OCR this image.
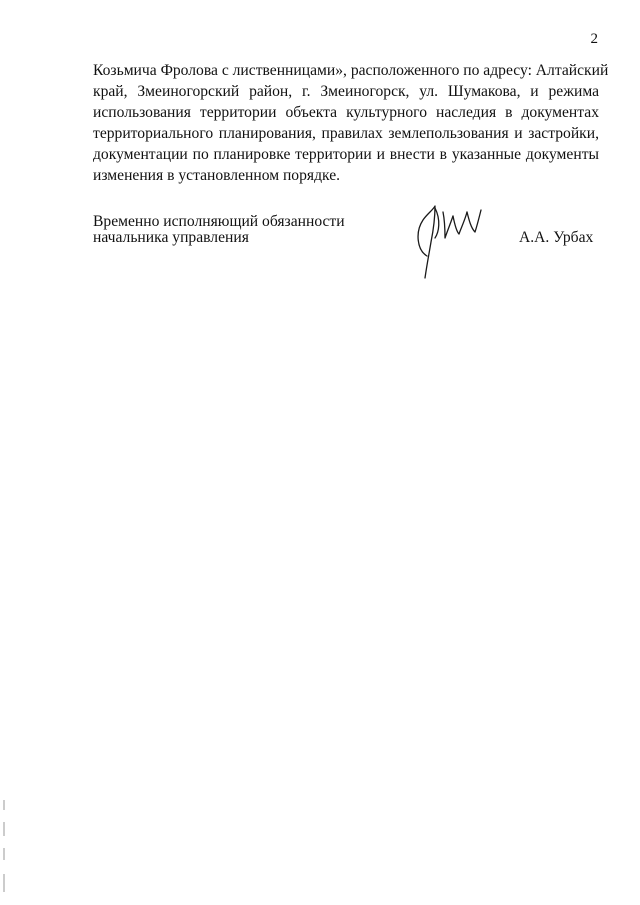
2
Козьмича Фролова с лиственницами», расположенного по адресу: Алтайский
край, Змеиногорский район, г. Змеиногорск, ул. Шумакова, и режима
использования территории объекта культурного наследия в документах
территориального планирования, правилах землепользования и застройки,
документации по планировке территории и внести в указанные документы
изменения в установленном порядке.
Временно исполняющий обязанности
начальника управления	А.А. Урбах
